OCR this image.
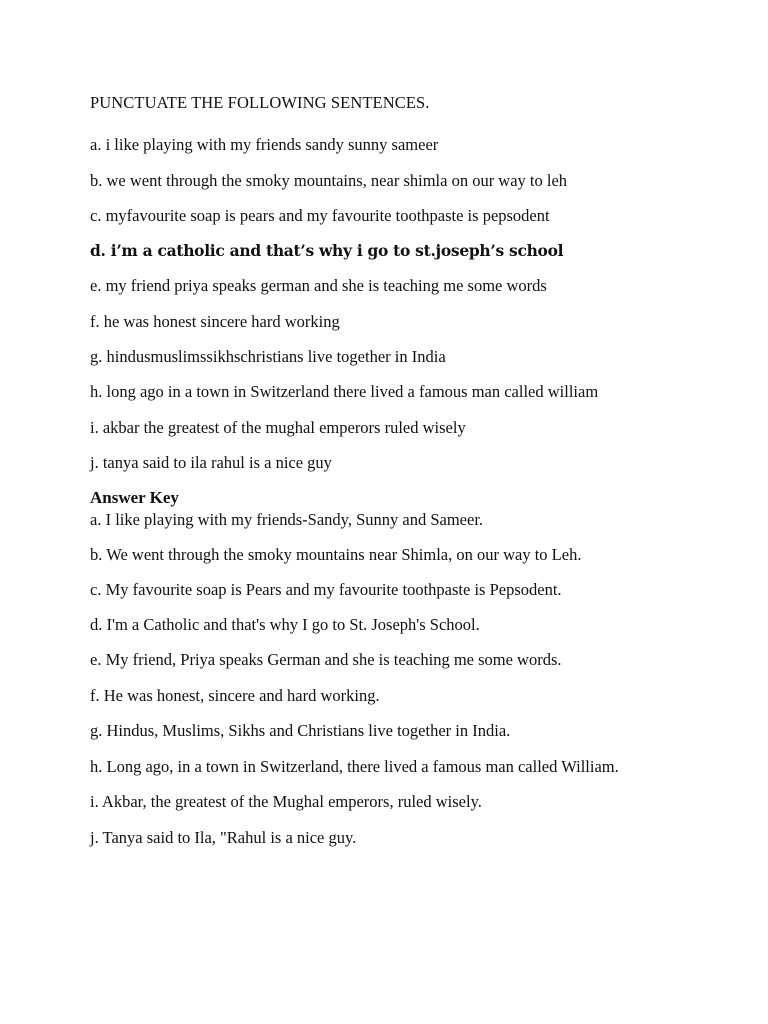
PUNCTUATE THE FOLLOWING SENTENCES.

a. i like playing with my friends sandy sunny sameer

b. we went through the smoky mountains, near shimla on our way to leh

c. myfavourite soap is pears and my favourite toothpaste is pepsodent

d. i’m a catholic and that’s why i go to st.joseph’s school

e. my friend priya speaks german and she is teaching me some words

f. he was honest sincere hard working

g. hindusmuslimssikhschristians live together in India

h. long ago in a town in Switzerland there lived a famous man called william

i. akbar the greatest of the mughal emperors ruled wisely

j. tanya said to ila rahul is a nice guy

Answer Key

a. I like playing with my friends-Sandy, Sunny and Sameer.

b. We went through the smoky mountains near Shimla, on our way to Leh.

c. My favourite soap is Pears and my favourite toothpaste is Pepsodent.

d. I'm a Catholic and that's why I go to St. Joseph's School.

e. My friend, Priya speaks German and she is teaching me some words.

f. He was honest, sincere and hard working.

g. Hindus, Muslims, Sikhs and Christians live together in India.

h. Long ago, in a town in Switzerland, there lived a famous man called William.

i. Akbar, the greatest of the Mughal emperors, ruled wisely.

j. Tanya said to Ila, "Rahul is a nice guy.
